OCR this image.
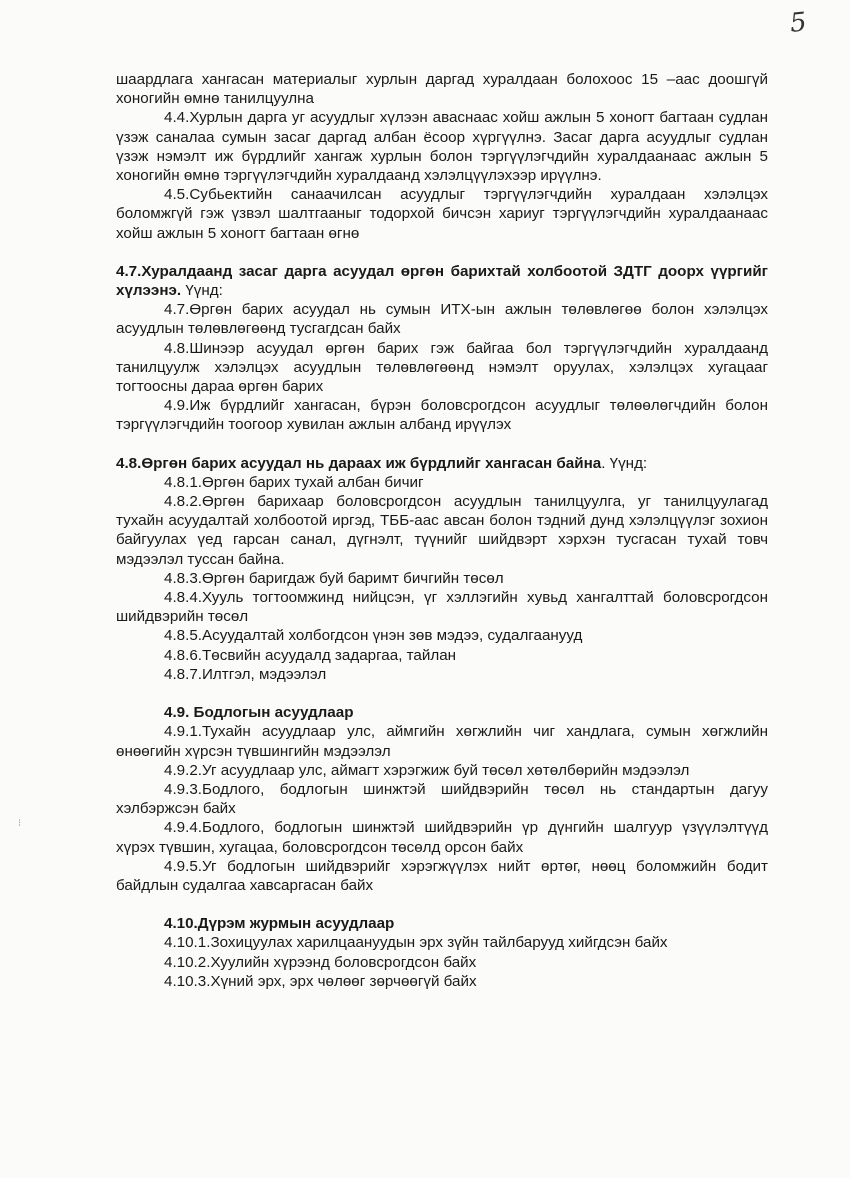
5

шаардлага хангасан материалыг хурлын даргад хуралдаан болохоос 15 –аас доошгүй хоногийн өмнө танилцуулна

4.4.Хурлын дарга уг асуудлыг хүлээн аваснаас хойш ажлын 5 хоногт багтаан судлан үзэж саналаа сумын засаг даргад албан ёсоор хүргүүлнэ. Засаг дарга асуудлыг судлан үзэж нэмэлт иж бүрдлийг хангаж хурлын болон тэргүүлэгчдийн хуралдаанаас ажлын 5 хоногийн өмнө тэргүүлэгчдийн хуралдаанд хэлэлцүүлэхээр ирүүлнэ.

4.5.Субьектийн санаачилсан асуудлыг тэргүүлэгчдийн хуралдаан хэлэлцэх боломжгүй гэж үзвэл шалтгааныг тодорхой бичсэн хариуг тэргүүлэгчдийн хуралдаанаас хойш ажлын 5 хоногт багтаан өгнө

4.7.Хуралдаанд засаг дарга асуудал өргөн барихтай холбоотой ЗДТГ доорх үүргийг хүлээнэ. Үүнд:

4.7.Өргөн барих асуудал нь сумын ИТХ-ын ажлын төлөвлөгөө болон хэлэлцэх асуудлын төлөвлөгөөнд тусгагдсан байх

4.8.Шинээр асуудал өргөн барих гэж байгаа бол тэргүүлэгчдийн хуралдаанд танилцуулж хэлэлцэх асуудлын төлөвлөгөөнд нэмэлт оруулах, хэлэлцэх хугацааг тогтоосны дараа өргөн барих

4.9.Иж бүрдлийг хангасан, бүрэн боловсрогдсон асуудлыг төлөөлөгчдийн болон тэргүүлэгчдийн тоогоор хувилан ажлын албанд ирүүлэх

4.8.Өргөн барих асуудал нь дараах иж бүрдлийг хангасан байна. Үүнд:

4.8.1.Өргөн барих тухай албан бичиг

4.8.2.Өргөн барихаар боловсрогдсон асуудлын танилцуулга, уг танилцуулагад тухайн асуудалтай холбоотой иргэд, ТББ-аас авсан болон тэдний дунд хэлэлцүүлэг зохион байгуулах үед гарсан санал, дүгнэлт, түүнийг шийдвэрт хэрхэн тусгасан тухай товч мэдээлэл туссан байна.

4.8.3.Өргөн баригдаж буй баримт бичгийн төсөл

4.8.4.Хууль тогтоомжинд нийцсэн, үг хэллэгийн хувьд хангалттай боловсрогдсон шийдвэрийн төсөл

4.8.5.Асуудалтай холбогдсон үнэн зөв мэдээ, судалгаанууд

4.8.6.Төсвийн асуудалд задаргаа, тайлан

4.8.7.Илтгэл, мэдээлэл

4.9. Бодлогын асуудлаар

4.9.1.Тухайн асуудлаар улс, аймгийн хөгжлийн чиг хандлага, сумын хөгжлийн өнөөгийн хүрсэн түвшингийн мэдээлэл

4.9.2.Уг асуудлаар улс, аймагт хэрэгжиж буй төсөл хөтөлбөрийн мэдээлэл

4.9.3.Бодлого, бодлогын шинжтэй шийдвэрийн төсөл нь стандартын дагуу хэлбэржсэн байх

4.9.4.Бодлого, бодлогын шинжтэй шийдвэрийн үр дүнгийн шалгуур үзүүлэлтүүд хүрэх түвшин, хугацаа, боловсрогдсон төсөлд орсон байх

4.9.5.Уг бодлогын шийдвэрийг хэрэгжүүлэх нийт өртөг, нөөц боломжийн бодит байдлын судалгаа хавсаргасан байх

4.10.Дүрэм журмын асуудлаар

4.10.1.Зохицуулах харилцаануудын эрх зүйн тайлбарууд хийгдсэн байх

4.10.2.Хуулийн хүрээнд боловсрогдсон байх

4.10.3.Хүний эрх, эрх чөлөөг зөрчөөгүй байх

⁝
